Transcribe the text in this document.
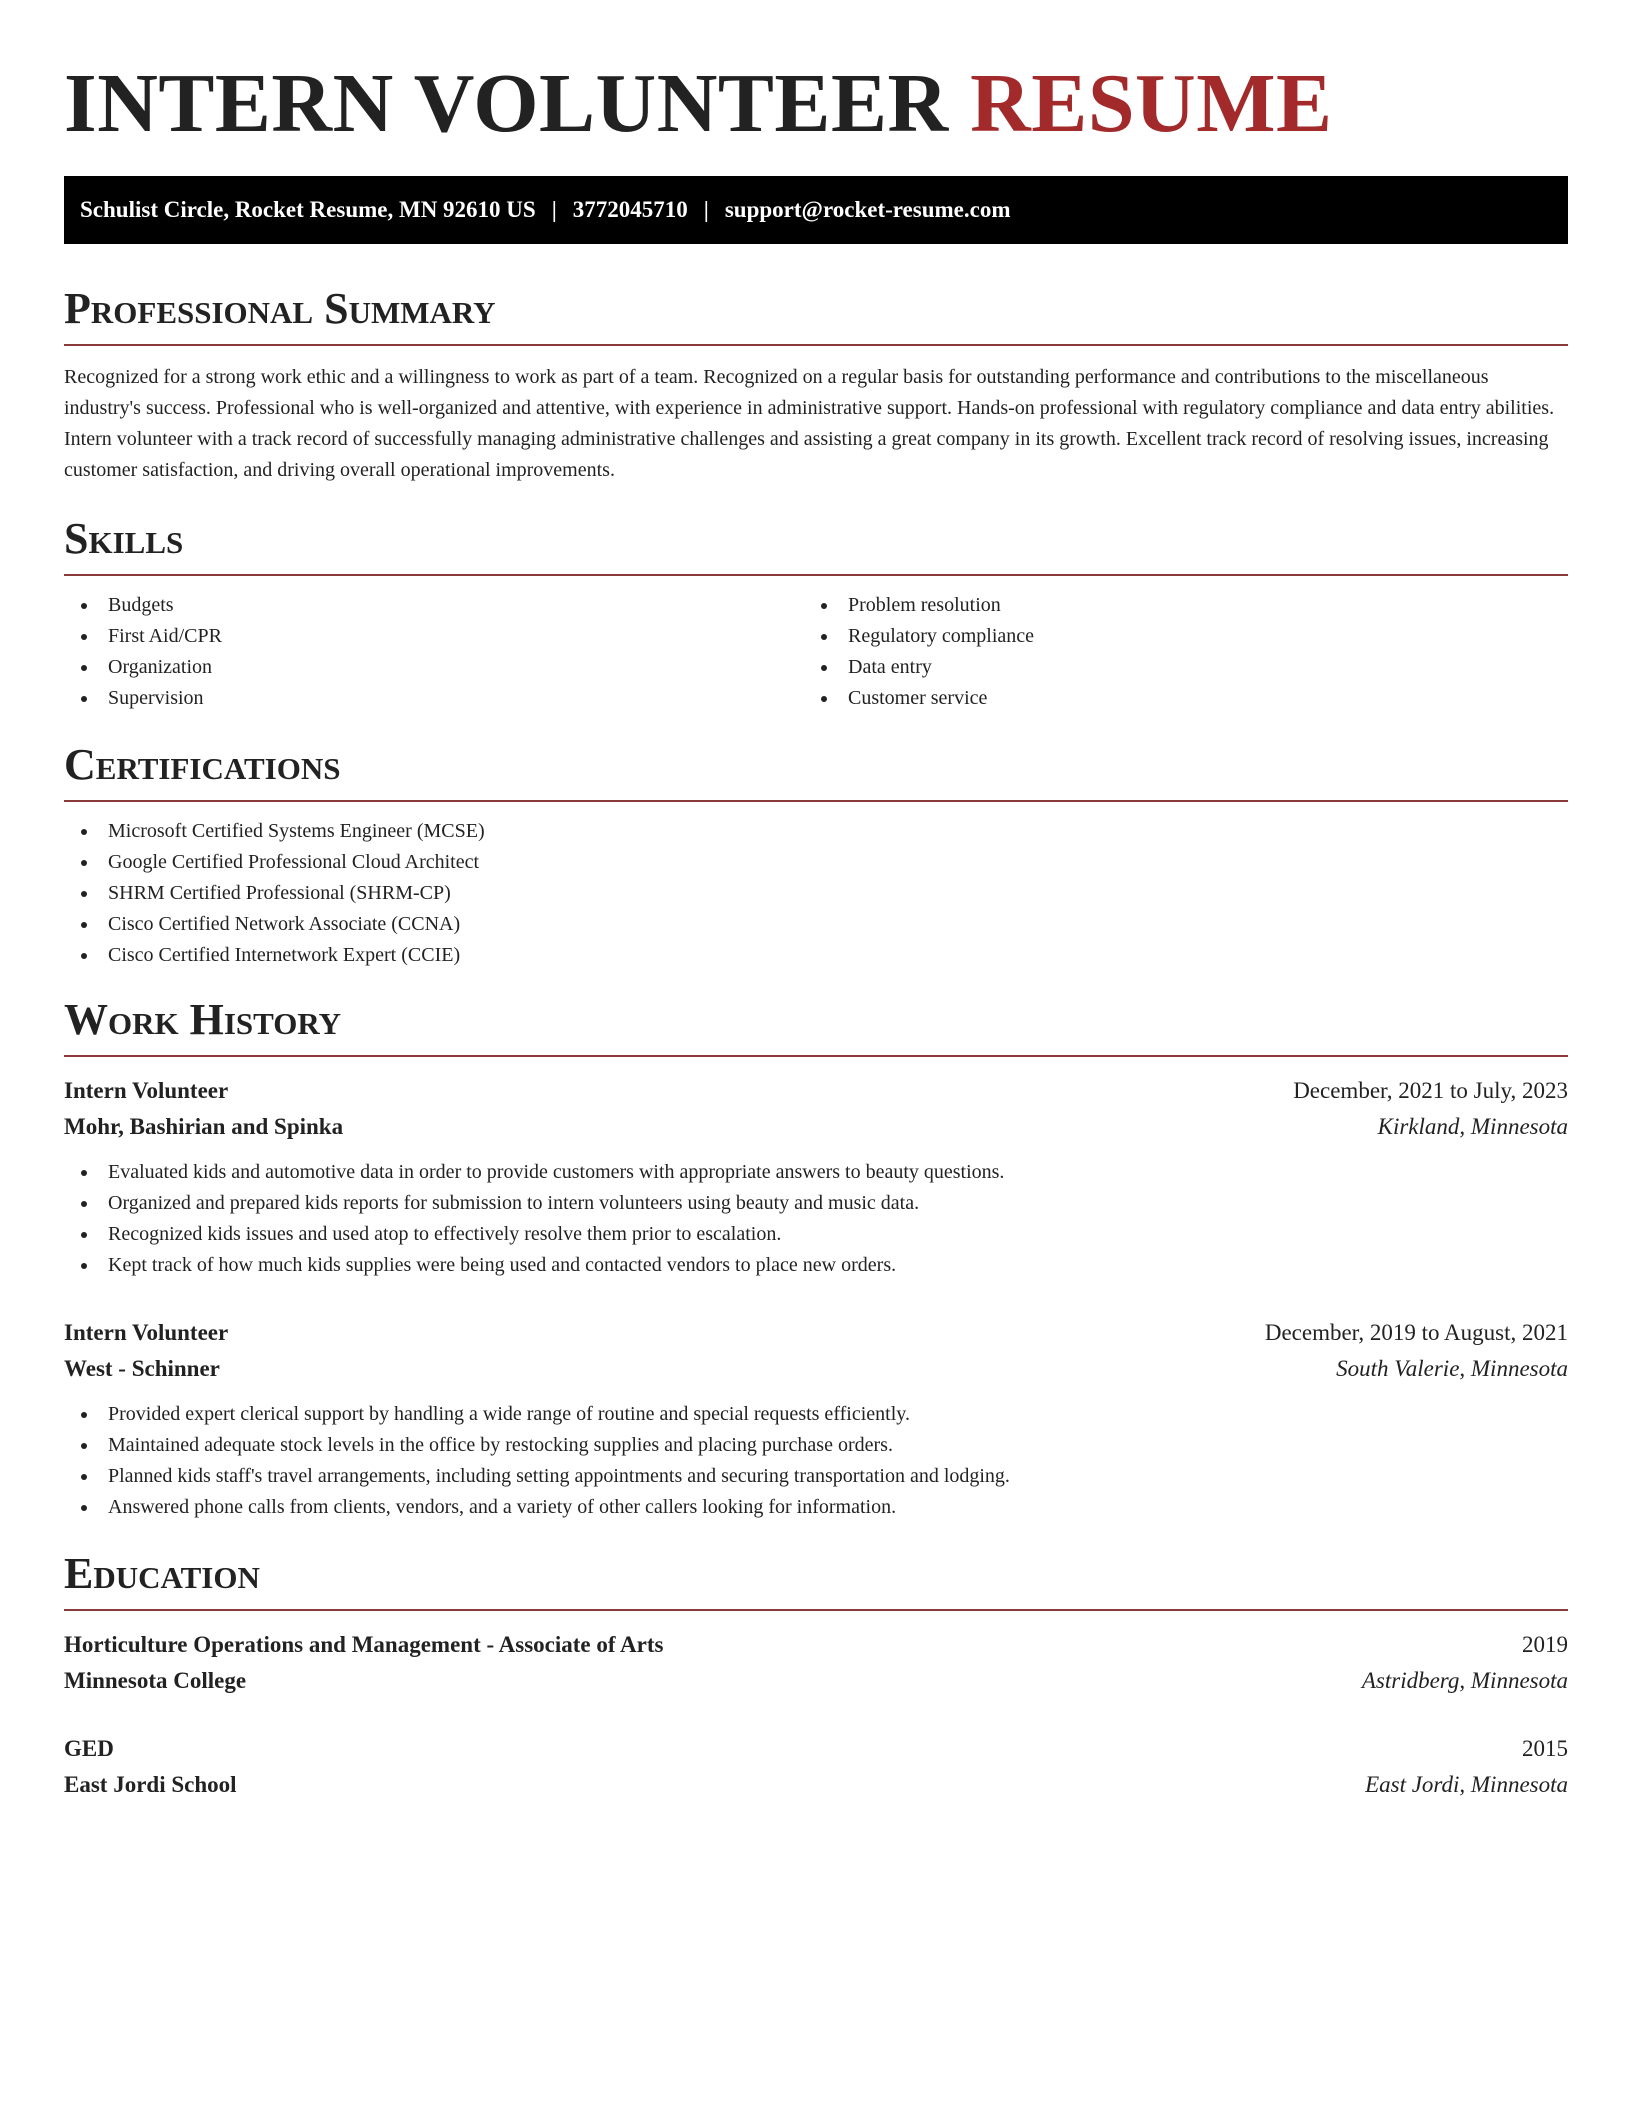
INTERN VOLUNTEER RESUME
Schulist Circle, Rocket Resume, MN 92610 US | 3772045710 | support@rocket-resume.com
Professional Summary

Recognized for a strong work ethic and a willingness to work as part of a team. Recognized on a regular basis for outstanding performance and contributions to the miscellaneous industry's success. Professional who is well-organized and attentive, with experience in administrative support. Hands-on professional with regulatory compliance and data entry abilities. Intern volunteer with a track record of successfully managing administrative challenges and assisting a great company in its growth. Excellent track record of resolving issues, increasing customer satisfaction, and driving overall operational improvements.

Skills
Budgets
First Aid/CPR
Organization
Supervision
Problem resolution
Regulatory compliance
Data entry
Customer service
Certifications
Microsoft Certified Systems Engineer (MCSE)
Google Certified Professional Cloud Architect
SHRM Certified Professional (SHRM-CP)
Cisco Certified Network Associate (CCNA)
Cisco Certified Internetwork Expert (CCIE)
Work History
Intern Volunteer	December, 2021 to July, 2023
Mohr, Bashirian and Spinka	Kirkland, Minnesota
Evaluated kids and automotive data in order to provide customers with appropriate answers to beauty questions.
Organized and prepared kids reports for submission to intern volunteers using beauty and music data.
Recognized kids issues and used atop to effectively resolve them prior to escalation.
Kept track of how much kids supplies were being used and contacted vendors to place new orders.
Intern Volunteer	December, 2019 to August, 2021
West - Schinner	South Valerie, Minnesota
Provided expert clerical support by handling a wide range of routine and special requests efficiently.
Maintained adequate stock levels in the office by restocking supplies and placing purchase orders.
Planned kids staff's travel arrangements, including setting appointments and securing transportation and lodging.
Answered phone calls from clients, vendors, and a variety of other callers looking for information.
Education
Horticulture Operations and Management - Associate of Arts	2019
Minnesota College	Astridberg, Minnesota
GED	2015
East Jordi School	East Jordi, Minnesota
